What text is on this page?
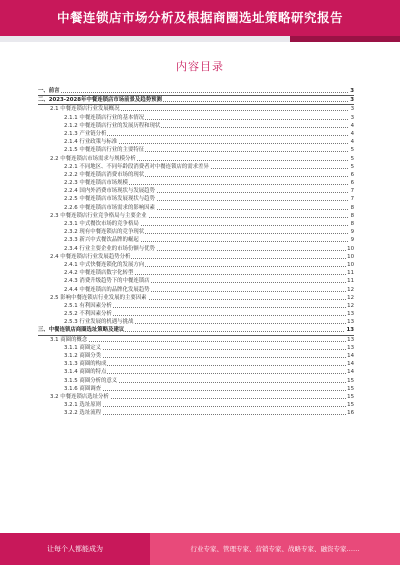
中餐连锁店市场分析及根据商圈选址策略研究报告
内容目录
一、前言	3
二、2023-2028年中餐连锁店市场前景及趋势预测	3
2.1 中餐连锁店行业发展概况	3
2.1.1 中餐连锁店行业的基本情况	3
2.1.2 中餐连锁店行业的发展历程和现状	4
2.1.3 产业链分析	4
2.1.4 行业政策与标准	4
2.1.5 中餐连锁店行业的主要特征	5
2.2 中餐连锁店市场需求与规模分析	5
2.2.1 不同地区、不同年龄段消费者对中餐连锁店的需求差异	5
2.2.2 中餐连锁店消费市场的现状	6
2.2.3 中餐连锁店市场规模	6
2.2.4 国内外消费市场现状与发展趋势	7
2.2.5 中餐连锁店市场发展现状与趋势	7
2.2.6 中餐连锁店市场需求的影响因素	8
2.3 中餐连锁店行业竞争格局与主要企业	8
2.3.1 中式餐饮市场的竞争格局	8
2.3.2 现有中餐连锁店的竞争现状	9
2.3.3 新兴中式餐饮品牌的崛起	9
2.3.4 行业主要企业的市场份额与优势	10
2.4 中餐连锁店行业发展趋势分析	10
2.4.1 中式快餐连锁化的发展方向	10
2.4.2 中餐连锁店数字化转型	11
2.4.3 消费升级趋势下的中餐连锁店	11
2.4.4 中餐连锁店的品牌化发展趋势	12
2.5 影响中餐连锁店行业发展的主要因素	12
2.5.1 有利因素分析	12
2.5.2 不利因素分析	13
2.5.3 行业发展的机遇与挑战	13
三、中餐连锁店商圈选址策略及建议	13
3.1 商圈的概念	13
3.1.1 商圈定义	13
3.1.2 商圈分类	14
3.1.3 商圈的构成	14
3.1.4 商圈的特点	14
3.1.5 商圈分析的意义	15
3.1.6 商圈调查	15
3.2 中餐连锁店选址分析	15
3.2.1 选址原则	15
3.2.2 选址流程	16
让每个人都能成为	行业专家、管理专家、营销专家、战略专家、融资专家……
